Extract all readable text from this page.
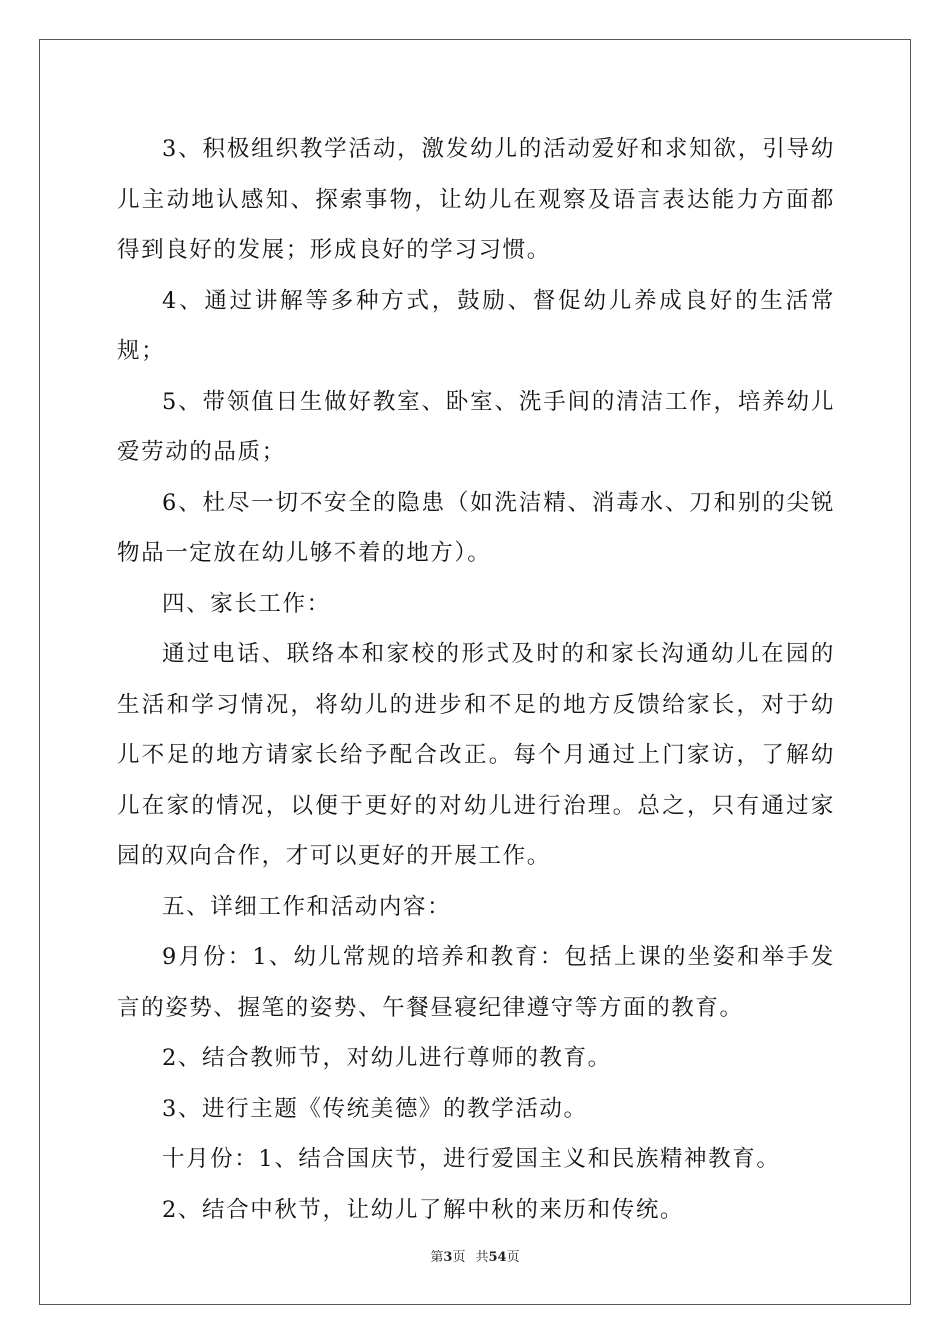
3、积极组织教学活动，激发幼儿的活动爱好和求知欲，引导幼儿主动地认感知、探索事物，让幼儿在观察及语言表达能力方面都得到良好的发展；形成良好的学习习惯。

4、通过讲解等多种方式，鼓励、督促幼儿养成良好的生活常规；

5、带领值日生做好教室、卧室、洗手间的清洁工作，培养幼儿爱劳动的品质；

6、杜尽一切不安全的隐患（如洗洁精、消毒水、刀和别的尖锐物品一定放在幼儿够不着的地方）。

四、家长工作：

通过电话、联络本和家校的形式及时的和家长沟通幼儿在园的生活和学习情况，将幼儿的进步和不足的地方反馈给家长，对于幼儿不足的地方请家长给予配合改正。每个月通过上门家访，了解幼儿在家的情况，以便于更好的对幼儿进行治理。总之，只有通过家园的双向合作，才可以更好的开展工作。

五、详细工作和活动内容：

9月份：1、幼儿常规的培养和教育：包括上课的坐姿和举手发言的姿势、握笔的姿势、午餐昼寝纪律遵守等方面的教育。

2、结合教师节，对幼儿进行尊师的教育。

3、进行主题《传统美德》的教学活动。

十月份：1、结合国庆节，进行爱国主义和民族精神教育。

2、结合中秋节，让幼儿了解中秋的来历和传统。

第3页 共54页
